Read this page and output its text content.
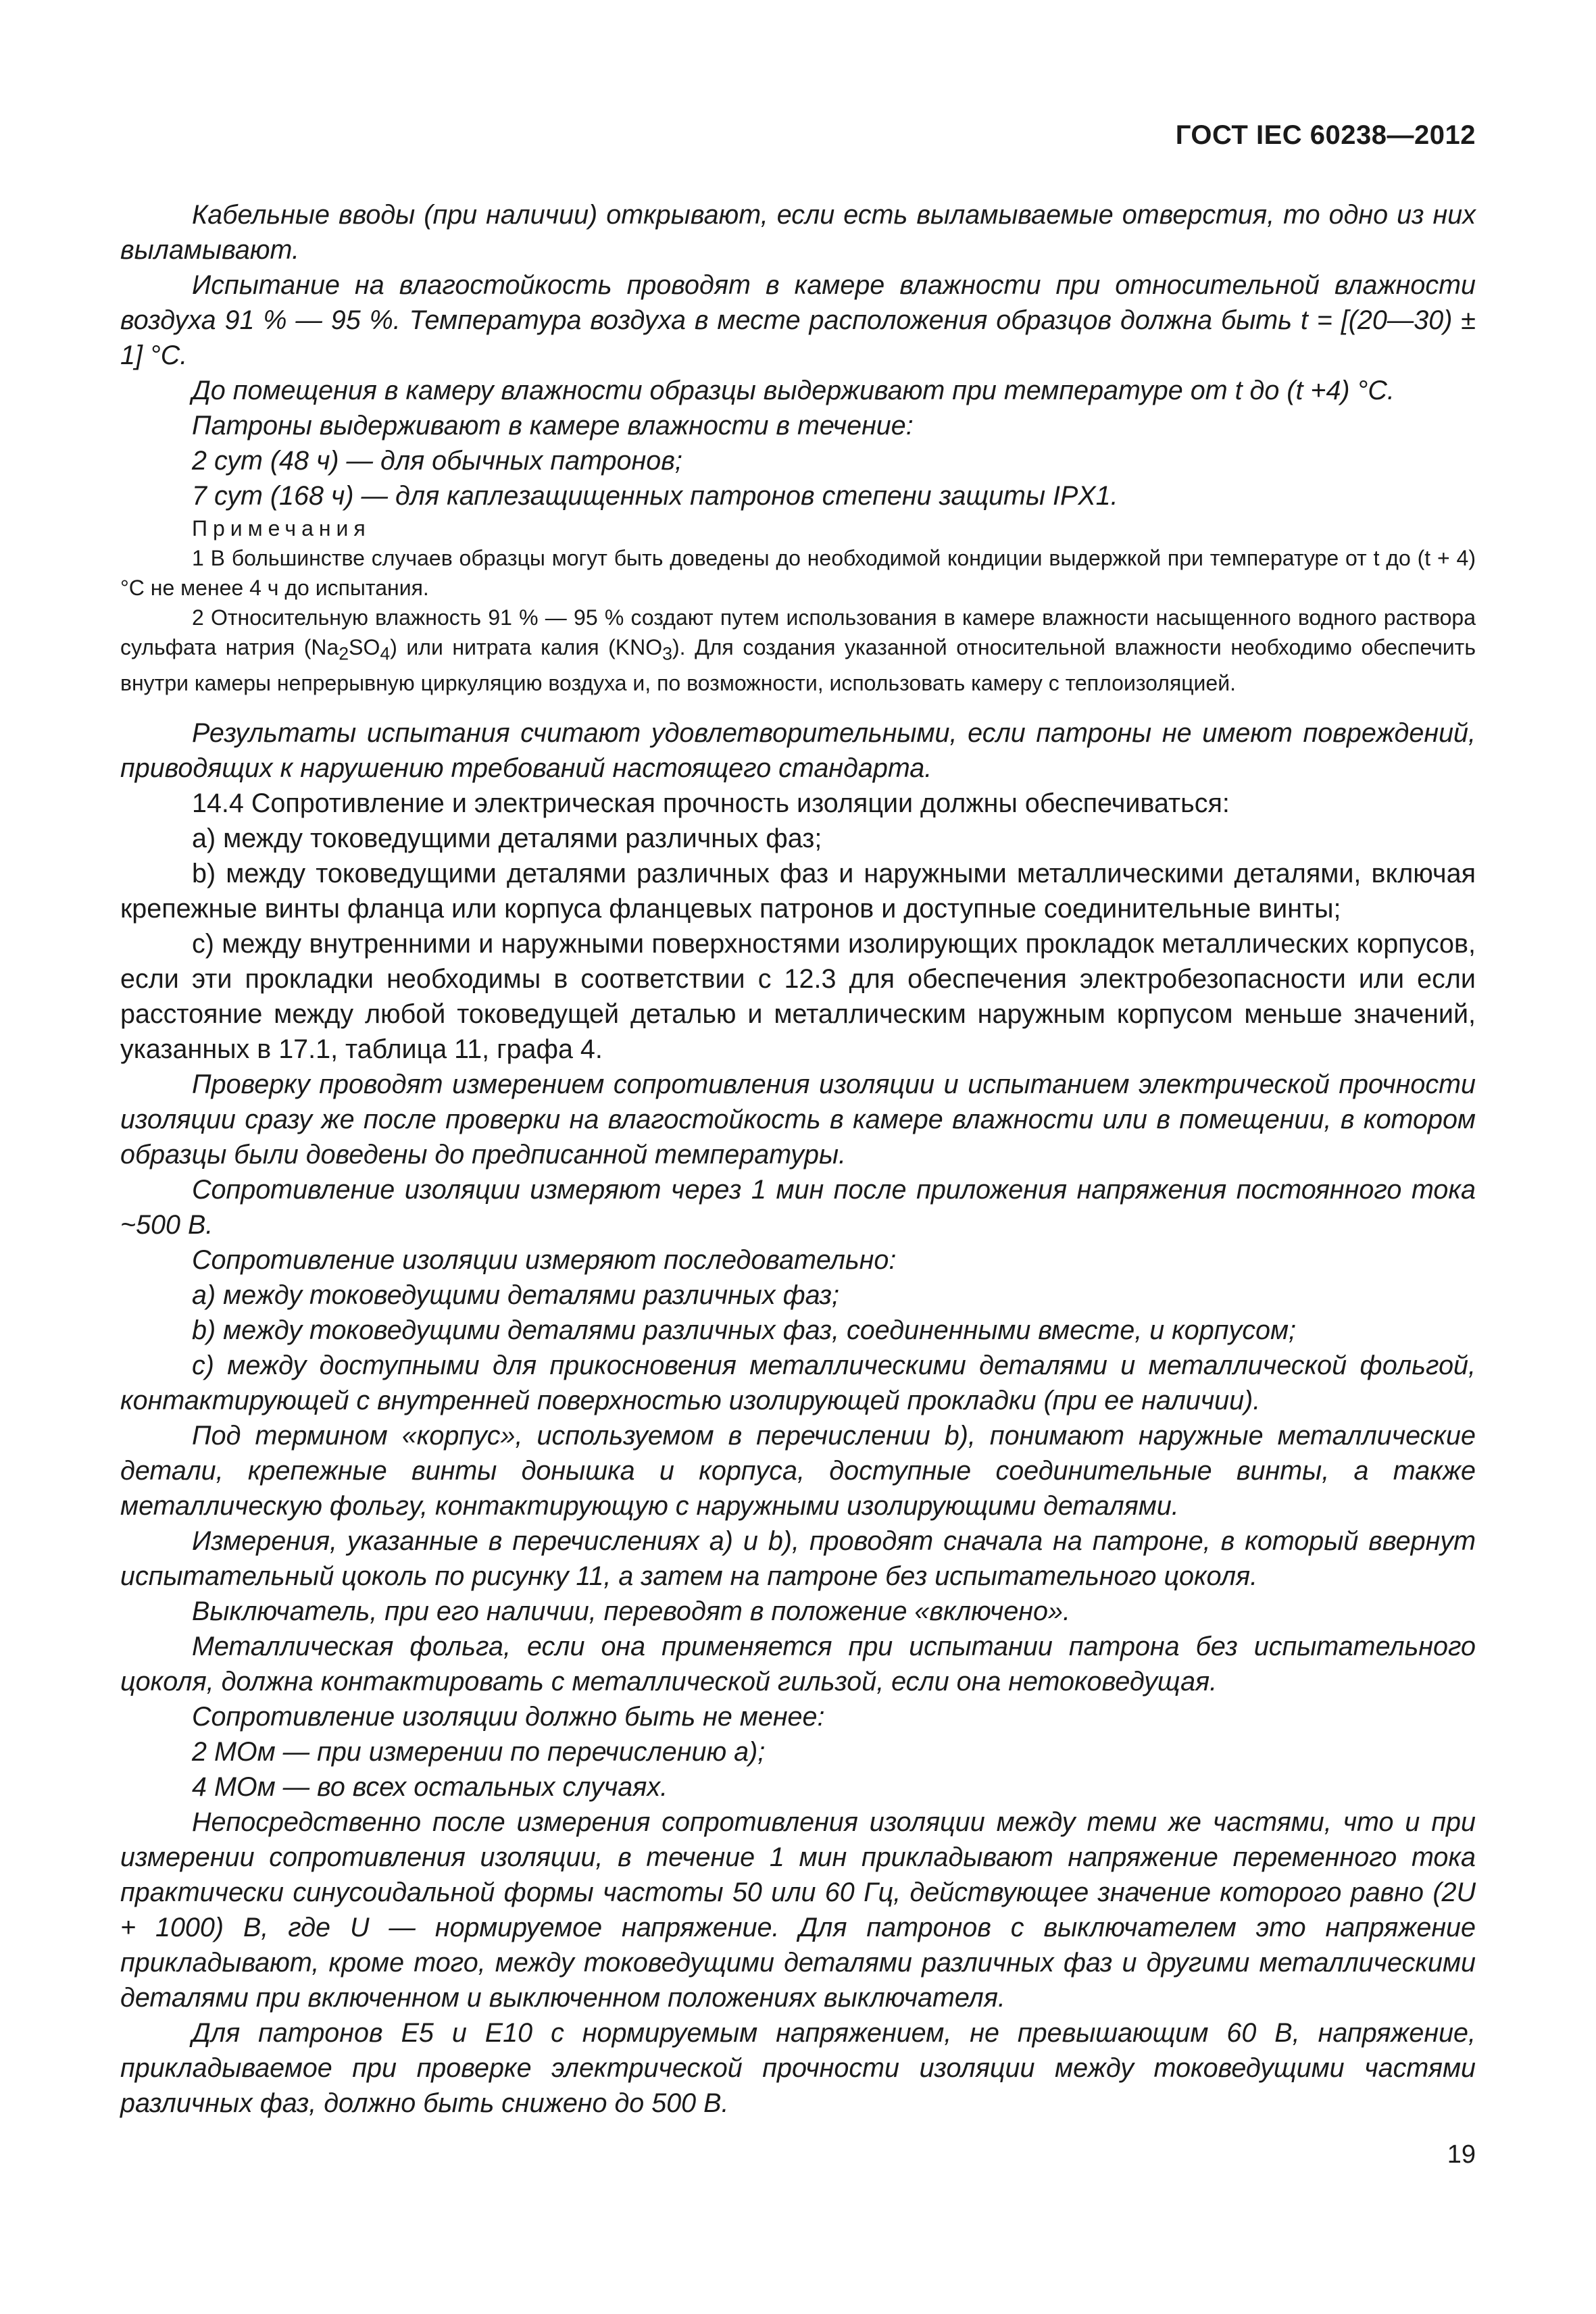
ГОСТ IEC 60238—2012

Кабельные вводы (при наличии) открывают, если есть выламываемые отверстия, то одно из них выламывают.

Испытание на влагостойкость проводят в камере влажности при относительной влажности воздуха 91 % — 95 %. Температура воздуха в месте расположения образцов должна быть t = [(20—30) ± 1] °С.

До помещения в камеру влажности образцы выдерживают при температуре от t до (t +4) °С.

Патроны выдерживают в камере влажности в течение:

2 сут (48 ч) — для обычных патронов;

7 сут (168 ч) — для каплезащищенных патронов степени защиты IPX1.

Примечания

1 В большинстве случаев образцы могут быть доведены до необходимой кондиции выдержкой при температуре от t до (t + 4) °С не менее 4 ч до испытания.

2 Относительную влажность 91 % — 95 % создают путем использования в камере влажности насыщенного водного раствора сульфата натрия $(Na_2SO_4)$ или нитрата калия $(KNO_3)$. Для создания указанной относительной влажности необходимо обеспечить внутри камеры непрерывную циркуляцию воздуха и, по возможности, использовать камеру с теплоизоляцией.

Результаты испытания считают удовлетворительными, если патроны не имеют повреждений, приводящих к нарушению требований настоящего стандарта.

14.4 Сопротивление и электрическая прочность изоляции должны обеспечиваться:

a) между токоведущими деталями различных фаз;

b) между токоведущими деталями различных фаз и наружными металлическими деталями, включая крепежные винты фланца или корпуса фланцевых патронов и доступные соединительные винты;

c) между внутренними и наружными поверхностями изолирующих прокладок металлических корпусов, если эти прокладки необходимы в соответствии с 12.3 для обеспечения электробезопасности или если расстояние между любой токоведущей деталью и металлическим наружным корпусом меньше значений, указанных в 17.1, таблица 11, графа 4.

Проверку проводят измерением сопротивления изоляции и испытанием электрической прочности изоляции сразу же после проверки на влагостойкость в камере влажности или в помещении, в котором образцы были доведены до предписанной температуры.

Сопротивление изоляции измеряют через 1 мин после приложения напряжения постоянного тока ~500 В.

Сопротивление изоляции измеряют последовательно:

a) между токоведущими деталями различных фаз;

b) между токоведущими деталями различных фаз, соединенными вместе, и корпусом;

c) между доступными для прикосновения металлическими деталями и металлической фольгой, контактирующей с внутренней поверхностью изолирующей прокладки (при ее наличии).

Под термином «корпус», используемом в перечислении b), понимают наружные металлические детали, крепежные винты донышка и корпуса, доступные соединительные винты, а также металлическую фольгу, контактирующую с наружными изолирующими деталями.

Измерения, указанные в перечислениях a) и b), проводят сначала на патроне, в который ввернут испытательный цоколь по рисунку 11, а затем на патроне без испытательного цоколя.

Выключатель, при его наличии, переводят в положение «включено».

Металлическая фольга, если она применяется при испытании патрона без испытательного цоколя, должна контактировать с металлической гильзой, если она нетоковедущая.

Сопротивление изоляции должно быть не менее:

2 МОм — при измерении по перечислению a);

4 МОм — во всех остальных случаях.

Непосредственно после измерения сопротивления изоляции между теми же частями, что и при измерении сопротивления изоляции, в течение 1 мин прикладывают напряжение переменного тока практически синусоидальной формы частоты 50 или 60 Гц, действующее значение которого равно (2U + 1000) В, где U — нормируемое напряжение. Для патронов с выключателем это напряжение прикладывают, кроме того, между токоведущими деталями различных фаз и другими металлическими деталями при включенном и выключенном положениях выключателя.

Для патронов E5 и E10 с нормируемым напряжением, не превышающим 60 В, напряжение, прикладываемое при проверке электрической прочности изоляции между токоведущими частями различных фаз, должно быть снижено до 500 В.

19
